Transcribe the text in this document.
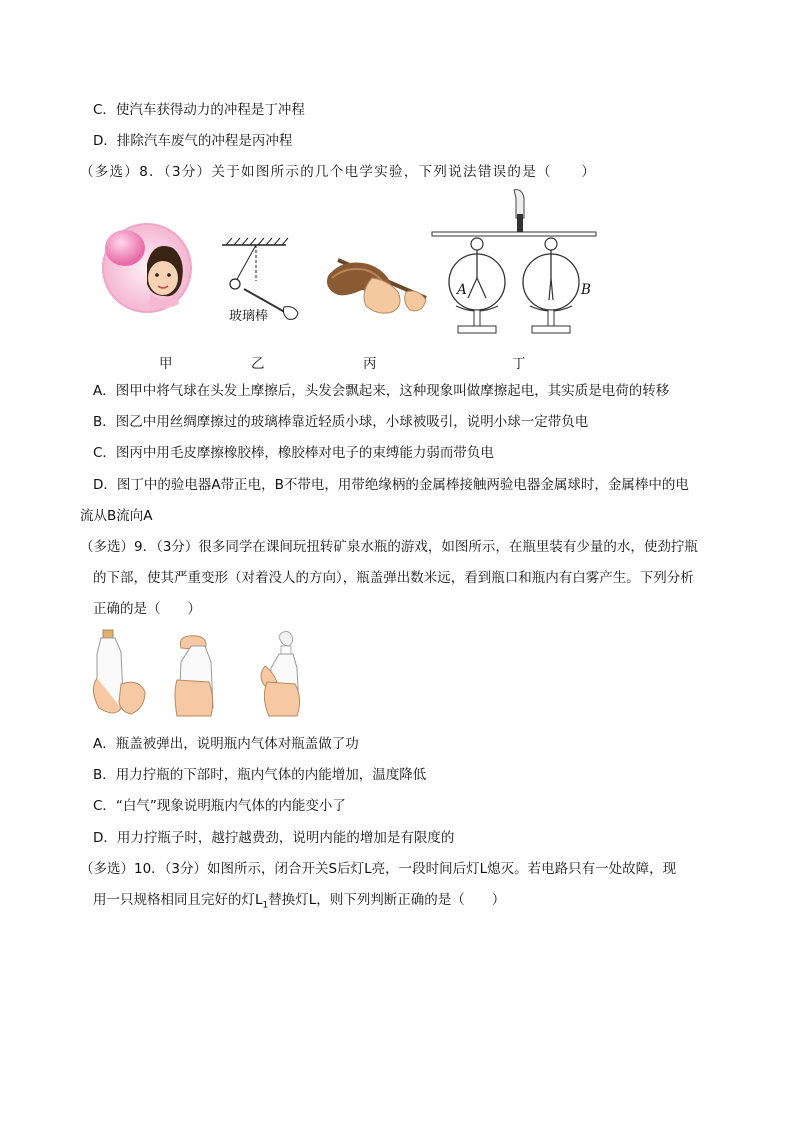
C．使汽车获得动力的冲程是丁冲程
D．排除汽车废气的冲程是丙冲程
（多选）8．（3分）关于如图所示的几个电学实验，下列说法错误的是（　　）
玻璃棒
A	B
甲	乙	丙	丁
A．图甲中将气球在头发上摩擦后，头发会飘起来，这种现象叫做摩擦起电，其实质是电荷的转移
B．图乙中用丝绸摩擦过的玻璃棒靠近轻质小球，小球被吸引，说明小球一定带负电
C．图丙中用毛皮摩擦橡胶棒，橡胶棒对电子的束缚能力弱而带负电
D．图丁中的验电器A带正电，B不带电，用带绝缘柄的金属棒接触两验电器金属球时，金属棒中的电
流从B流向A
（多选）9．（3分）很多同学在课间玩扭转矿泉水瓶的游戏，如图所示，在瓶里装有少量的水，使劲拧瓶
的下部，使其严重变形（对着没人的方向），瓶盖弹出数米远，看到瓶口和瓶内有白雾产生。下列分析
正确的是（　　）
A．瓶盖被弹出，说明瓶内气体对瓶盖做了功
B．用力拧瓶的下部时，瓶内气体的内能增加，温度降低
C．“白气”现象说明瓶内气体的内能变小了
D．用力拧瓶子时，越拧越费劲，说明内能的增加是有限度的
（多选）10．（3分）如图所示，闭合开关S后灯L亮，一段时间后灯L熄灭。若电路只有一处故障，现
用一只规格相同且完好的灯$L_1$替换灯L，则下列判断正确的是（　　）
